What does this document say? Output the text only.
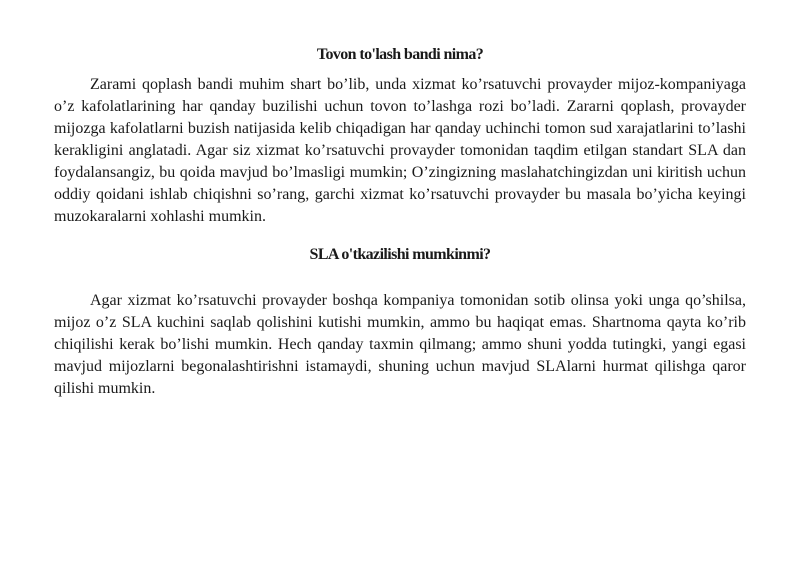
Tovon to'lash bandi nima?

Zarami qoplash bandi muhim shart bo’lib, unda xizmat ko’rsatuvchi provayder mijoz-kompaniyaga o’z kafolatlarining har qanday buzilishi uchun tovon to’lashga rozi bo’ladi. Zararni qoplash, provayder mijozga kafolatlarni buzish natijasida kelib chiqadigan har qanday uchinchi tomon sud xarajatlarini to’lashi kerakligini anglatadi. Agar siz xizmat ko’rsatuvchi provayder tomonidan taqdim etilgan standart SLA dan foydalansangiz, bu qoida mavjud bo’lmasligi mumkin; O’zingizning maslahatchingizdan uni kiritish uchun oddiy qoidani ishlab chiqishni so’rang, garchi xizmat ko’rsatuvchi provayder bu masala bo’yicha keyingi muzokaralarni xohlashi mumkin.

SLA o'tkazilishi mumkinmi?

Agar xizmat ko’rsatuvchi provayder boshqa kompaniya tomonidan sotib olinsa yoki unga qo’shilsa, mijoz o’z SLA kuchini saqlab qolishini kutishi mumkin, ammo bu haqiqat emas. Shartnoma qayta ko’rib chiqilishi kerak bo’lishi mumkin. Hech qanday taxmin qilmang; ammo shuni yodda tutingki, yangi egasi mavjud mijozlarni begonalashtirishni istamaydi, shuning uchun mavjud SLAlarni hurmat qilishga qaror qilishi mumkin.
